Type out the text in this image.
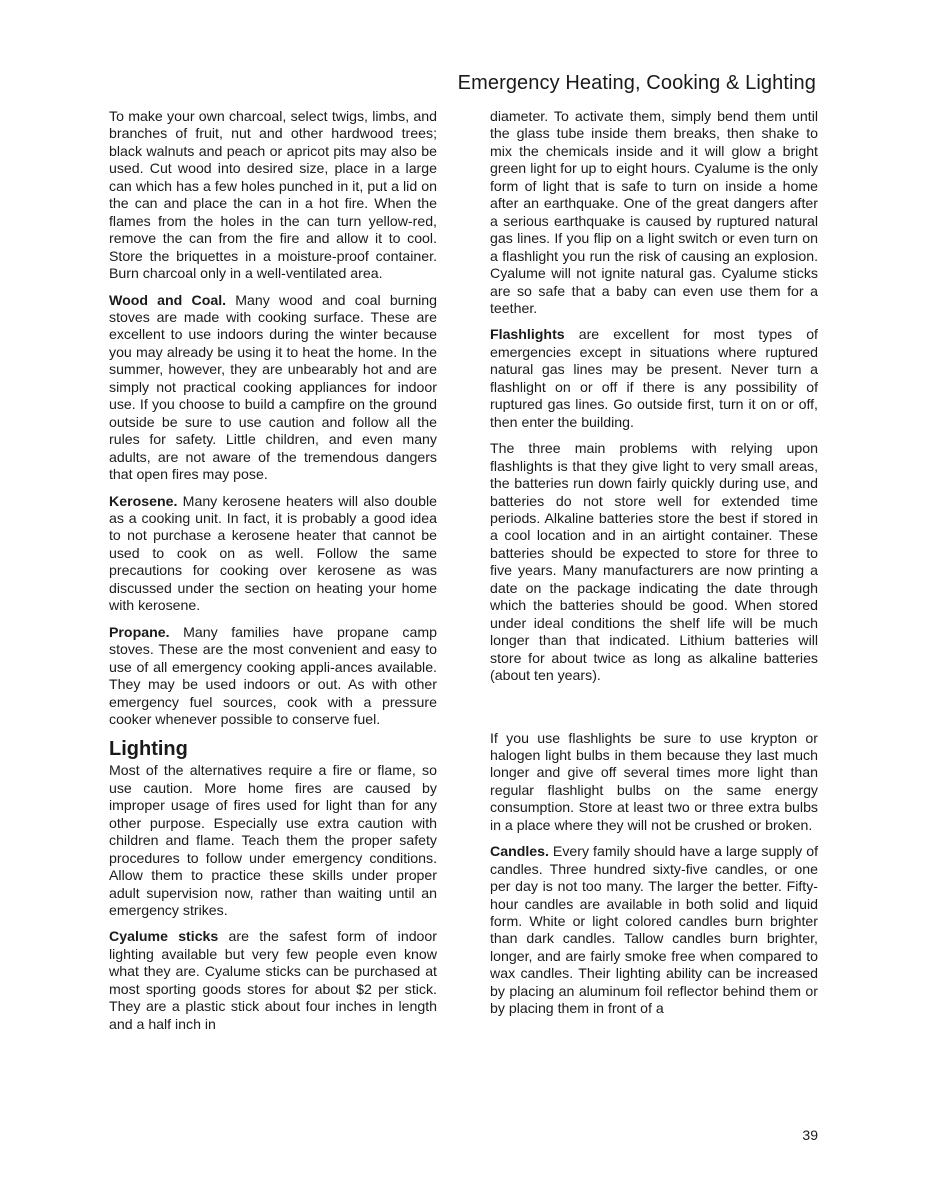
Emergency Heating, Cooking & Lighting

To make your own charcoal, select twigs, limbs, and branches of fruit, nut and other hardwood trees; black walnuts and peach or apricot pits may also be used. Cut wood into desired size, place in a large can which has a few holes punched in it, put a lid on the can and place the can in a hot fire. When the flames from the holes in the can turn yellow-red, remove the can from the fire and allow it to cool. Store the briquettes in a moisture-proof container. Burn charcoal only in a well-ventilated area.

Wood and Coal. Many wood and coal burning stoves are made with cooking surface. These are excellent to use indoors during the winter because you may already be using it to heat the home. In the summer, however, they are unbearably hot and are simply not practical cooking appliances for indoor use. If you choose to build a campfire on the ground outside be sure to use caution and follow all the rules for safety. Little children, and even many adults, are not aware of the tremendous dangers that open fires may pose.

Kerosene. Many kerosene heaters will also double as a cooking unit. In fact, it is probably a good idea to not purchase a kerosene heater that cannot be used to cook on as well. Follow the same precautions for cooking over kerosene as was discussed under the section on heating your home with kerosene.

Propane. Many families have propane camp stoves. These are the most convenient and easy to use of all emergency cooking appli-ances available. They may be used indoors or out. As with other emergency fuel sources, cook with a pressure cooker whenever possible to conserve fuel.

Lighting

Most of the alternatives require a fire or flame, so use caution. More home fires are caused by improper usage of fires used for light than for any other purpose. Especially use extra caution with children and flame. Teach them the proper safety procedures to follow under emergency conditions. Allow them to practice these skills under proper adult supervision now, rather than waiting until an emergency strikes.

Cyalume sticks are the safest form of indoor lighting available but very few people even know what they are. Cyalume sticks can be purchased at most sporting goods stores for about $2 per stick. They are a plastic stick about four inches in length and a half inch in

diameter. To activate them, simply bend them until the glass tube inside them breaks, then shake to mix the chemicals inside and it will glow a bright green light for up to eight hours. Cyalume is the only form of light that is safe to turn on inside a home after an earthquake. One of the great dangers after a serious earthquake is caused by ruptured natural gas lines. If you flip on a light switch or even turn on a flashlight you run the risk of causing an explosion. Cyalume will not ignite natural gas. Cyalume sticks are so safe that a baby can even use them for a teether.

Flashlights are excellent for most types of emergencies except in situations where ruptured natural gas lines may be present. Never turn a flashlight on or off if there is any possibility of ruptured gas lines. Go outside first, turn it on or off, then enter the building.

The three main problems with relying upon flashlights is that they give light to very small areas, the batteries run down fairly quickly during use, and batteries do not store well for extended time periods. Alkaline batteries store the best if stored in a cool location and in an airtight container. These batteries should be expected to store for three to five years. Many manufacturers are now printing a date on the package indicating the date through which the batteries should be good. When stored under ideal conditions the shelf life will be much longer than that indicated. Lithium batteries will store for about twice as long as alkaline batteries (about ten years).

If you use flashlights be sure to use krypton or halogen light bulbs in them because they last much longer and give off several times more light than regular flashlight bulbs on the same energy consumption. Store at least two or three extra bulbs in a place where they will not be crushed or broken.

Candles. Every family should have a large supply of candles. Three hundred sixty-five candles, or one per day is not too many. The larger the better. Fifty-hour candles are available in both solid and liquid form. White or light colored candles burn brighter than dark candles. Tallow candles burn brighter, longer, and are fairly smoke free when compared to wax candles. Their lighting ability can be increased by placing an aluminum foil reflector behind them or by placing them in front of a

39
